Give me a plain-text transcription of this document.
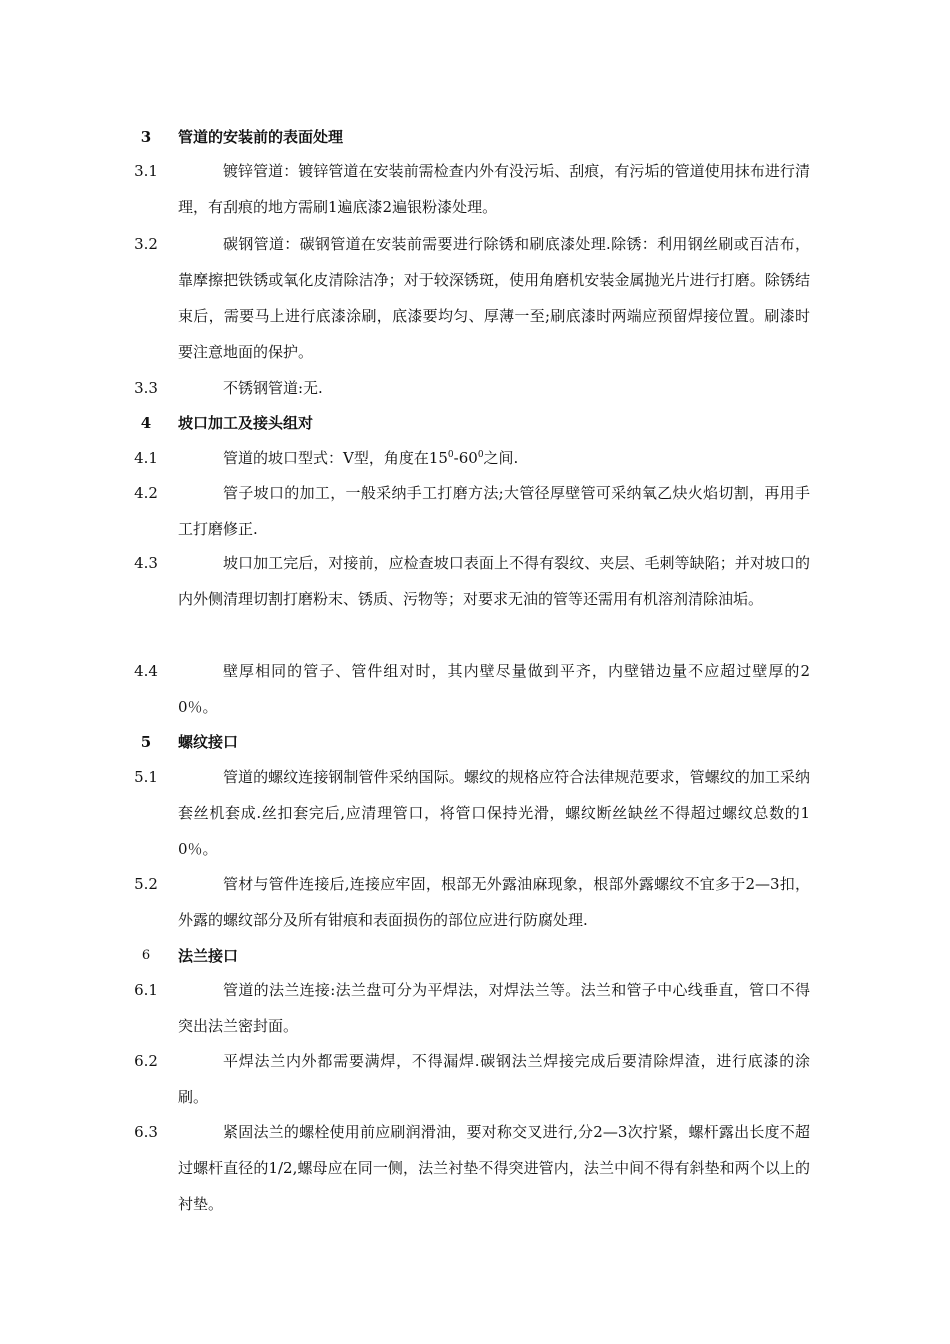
3	管道的安装前的表面处理
3.1	镀锌管道：镀锌管道在安装前需检查内外有没污垢、刮痕，有污垢的管道使用抹布进行清理，有刮痕的地方需刷1遍底漆2遍银粉漆处理。
3.2	碳钢管道：碳钢管道在安装前需要进行除锈和刷底漆处理.除锈：利用钢丝刷或百洁布，靠摩擦把铁锈或氧化皮清除洁净；对于较深锈斑，使用角磨机安装金属抛光片进行打磨。除锈结束后，需要马上进行底漆涂刷，底漆要均匀、厚薄一至;刷底漆时两端应预留焊接位置。刷漆时要注意地面的保护。
3.3	不锈钢管道:无.
4	坡口加工及接头组对
4.1	管道的坡口型式：V型，角度在$15^0-60^0$之间.
4.2	管子坡口的加工，一般采纳手工打磨方法;大管径厚壁管可采纳氧乙炔火焰切割，再用手工打磨修正.
4.3	坡口加工完后，对接前，应检查坡口表面上不得有裂纹、夹层、毛刺等缺陷；并对坡口的内外侧清理切割打磨粉末、锈质、污物等；对要求无油的管等还需用有机溶剂清除油垢。
4.4	壁厚相同的管子、管件组对时，其内壁尽量做到平齐，内壁错边量不应超过壁厚的20％。
5	螺纹接口
5.1	管道的螺纹连接钢制管件采纳国际。螺纹的规格应符合法律规范要求，管螺纹的加工采纳套丝机套成.丝扣套完后,应清理管口，将管口保持光滑，螺纹断丝缺丝不得超过螺纹总数的10％。
5.2	管材与管件连接后,连接应牢固，根部无外露油麻现象，根部外露螺纹不宜多于2—3扣，外露的螺纹部分及所有钳痕和表面损伤的部位应进行防腐处理.
6	法兰接口
6.1	管道的法兰连接:法兰盘可分为平焊法，对焊法兰等。法兰和管子中心线垂直，管口不得突出法兰密封面。
6.2	平焊法兰内外都需要满焊，不得漏焊.碳钢法兰焊接完成后要清除焊渣，进行底漆的涂刷。
6.3	紧固法兰的螺栓使用前应刷润滑油，要对称交叉进行,分2—3次拧紧，螺杆露出长度不超过螺杆直径的1/2,螺母应在同一侧，法兰衬垫不得突进管内，法兰中间不得有斜垫和两个以上的衬垫。
